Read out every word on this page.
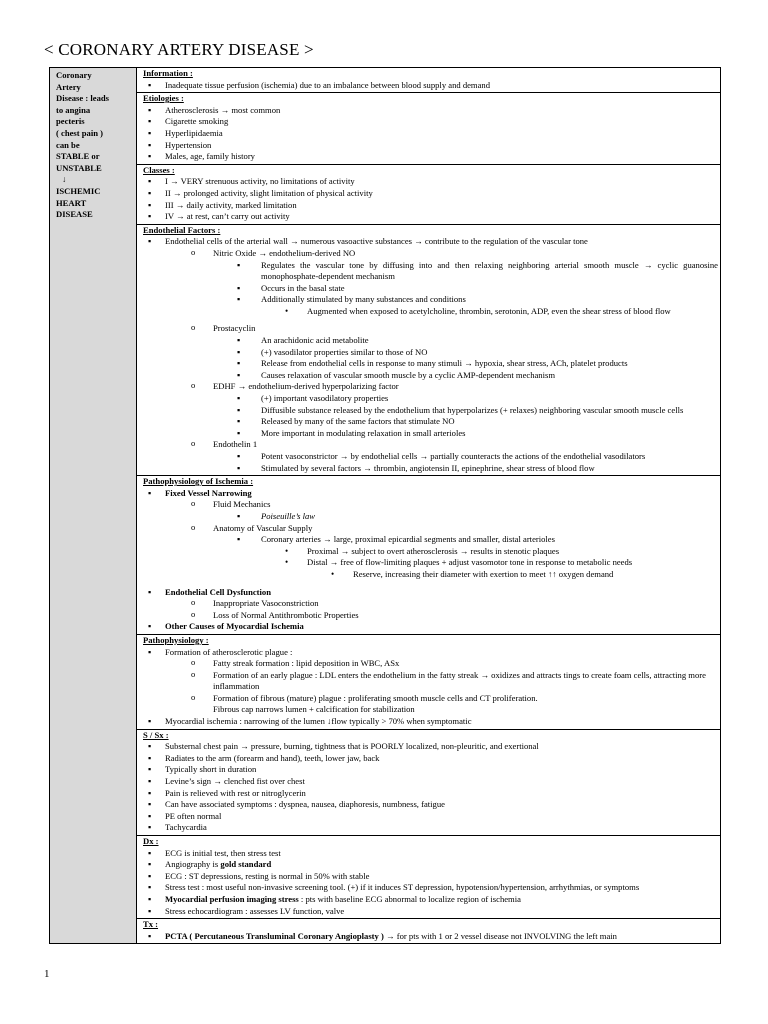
< CORONARY ARTERY DISEASE >
Coronary
Artery
Disease : leads
to angina
pecteris
( chest pain )
can be
STABLE or
UNSTABLE
↓
ISCHEMIC
HEART
DISEASE

Information :
▪ Inadequate tissue perfusion (ischemia) due to an imbalance between blood supply and demand
Etiologies :
▪ Atherosclerosis → most common
▪ Cigarette smoking
▪ Hyperlipidaemia
▪ Hypertension
▪ Males, age, family history
Classes :
▪ I → VERY strenuous activity, no limitations of activity
▪ II → prolonged activity, slight limitation of physical activity
▪ III → daily activity, marked limitation
▪ IV → at rest, can’t carry out activity
Endothelial Factors :
▪ Endothelial cells of the arterial wall → numerous vasoactive substances → contribute to the regulation of the vascular tone
o Nitric Oxide → endothelium-derived NO
▪ Regulates the vascular tone by diffusing into and then relaxing neighboring arterial smooth muscle → cyclic guanosine monophosphate-dependent mechanism
▪ Occurs in the basal state
▪ Additionally stimulated by many substances and conditions
• Augmented when exposed to acetylcholine, thrombin, serotonin, ADP, even the shear stress of blood flow
o Prostacyclin
▪ An arachidonic acid metabolite
▪ (+) vasodilator properties similar to those of NO
▪ Release from endothelial cells in response to many stimuli → hypoxia, shear stress, ACh, platelet products
▪ Causes relaxation of vascular smooth muscle by a cyclic AMP-dependent mechanism
o EDHF → endothelium-derived hyperpolarizing factor
▪ (+) important vasodilatory properties
▪ Diffusible substance released by the endothelium that hyperpolarizes (+ relaxes) neighboring vascular smooth muscle cells
▪ Released by many of the same factors that stimulate NO
▪ More important in modulating relaxation in small arterioles
o Endothelin 1
▪ Potent vasoconstrictor → by endothelial cells → partially counteracts the actions of the endothelial vasodilators
▪ Stimulated by several factors → thrombin, angiotensin II, epinephrine, shear stress of blood flow
Pathophysiology of Ischemia :
▪ Fixed Vessel Narrowing
o Fluid Mechanics
▪ Poiseuille’s law
o Anatomy of Vascular Supply
▪ Coronary arteries → large, proximal epicardial segments and smaller, distal arterioles
• Proximal → subject to overt atherosclerosis → results in stenotic plaques
• Distal → free of flow-limiting plaques + adjust vasomotor tone in response to metabolic needs
• Reserve, increasing their diameter with exertion to meet ↑↑ oxygen demand
▪ Endothelial Cell Dysfunction
o Inappropriate Vasoconstriction
o Loss of Normal Antithrombotic Properties
▪ Other Causes of Myocardial Ischemia
Pathophysiology :
▪ Formation of atherosclerotic plague :
o Fatty streak formation : lipid deposition in WBC, ASx
o Formation of an early plague : LDL enters the endothelium in the fatty streak → oxidizes and attracts tings to create foam cells, attracting more inflammation
o Formation of fibrous (mature) plague : proliferating smooth muscle cells and CT proliferation.
Fibrous cap narrows lumen + calcification for stabilization
▪ Myocardial ischemia : narrowing of the lumen ↓flow typically > 70% when symptomatic
S / Sx :
▪ Substernal chest pain → pressure, burning, tightness that is POORLY localized, non-pleuritic, and exertional
▪ Radiates to the arm (forearm and hand), teeth, lower jaw, back
▪ Typically short in duration
▪ Levine’s sign → clenched fist over chest
▪ Pain is relieved with rest or nitroglycerin
▪ Can have associated symptoms : dyspnea, nausea, diaphoresis, numbness, fatigue
▪ PE often normal
▪ Tachycardia
Dx :
▪ ECG is initial test, then stress test
▪ Angiography is gold standard
▪ ECG : ST depressions, resting is normal in 50% with stable
▪ Stress test : most useful non-invasive screening tool. (+) if it induces ST depression, hypotension/hypertension, arrhythmias, or symptoms
▪ Myocardial perfusion imaging stress : pts with baseline ECG abnormal to localize region of ischemia
▪ Stress echocardiogram : assesses LV function, valve
Tx :
▪ PCTA ( Percutaneous Transluminal Coronary Angioplasty ) → for pts with 1 or 2 vessel disease not INVOLVING the left main
1
